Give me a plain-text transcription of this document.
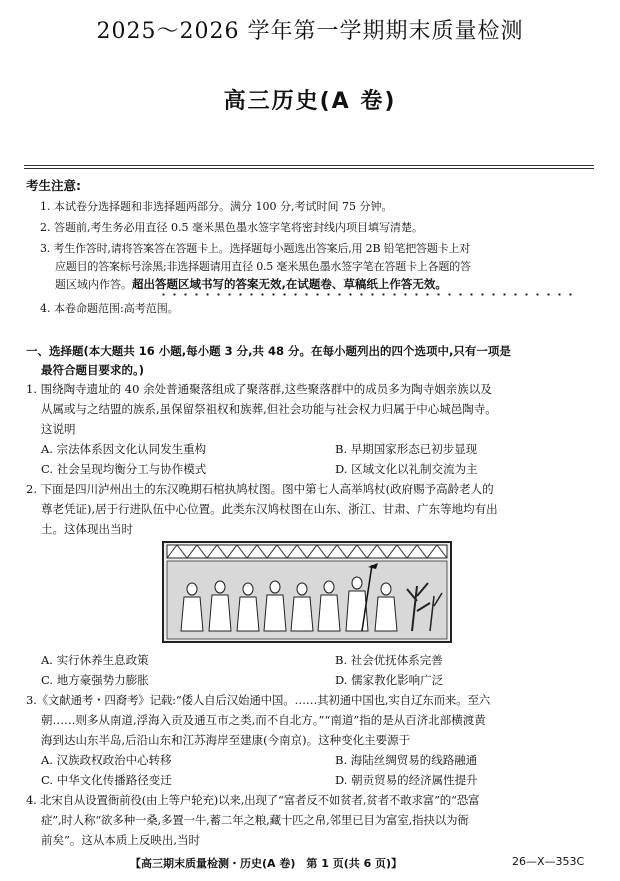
2025～2026 学年第一学期期末质量检测
高三历史(A 卷)
考生注意:
1. 本试卷分选择题和非选择题两部分。满分 100 分,考试时间 75 分钟。
2. 答题前,考生务必用直径 0.5 毫米黑色墨水签字笔将密封线内项目填写清楚。
3. 考生作答时,请将答案答在答题卡上。选择题每小题选出答案后,用 2B 铅笔把答题卡上对
应题目的答案标号涂黑;非选择题请用直径 0.5 毫米黑色墨水签字笔在答题卡上各题的答
题区域内作答。超出答题区域书写的答案无效,在试题卷、草稿纸上作答无效。
4. 本卷命题范围:高考范围。
一、选择题(本大题共 16 小题,每小题 3 分,共 48 分。在每小题列出的四个选项中,只有一项是
最符合题目要求的。)
1. 围绕陶寺遗址的 40 余处普通聚落组成了聚落群,这些聚落群中的成员多为陶寺姻亲族以及
从属或与之结盟的族系,虽保留祭祖权和族葬,但社会功能与社会权力归属于中心城邑陶寺。
这说明
A. 宗法体系因文化认同发生重构	B. 早期国家形态已初步显现
C. 社会呈现均衡分工与协作模式	D. 区域文化以礼制交流为主
2. 下面是四川泸州出土的东汉晚期石棺执鸠杖图。图中第七人高举鸠杖(政府赐予高龄老人的
尊老凭证),居于行进队伍中心位置。此类东汉鸠杖图在山东、浙江、甘肃、广东等地均有出
土。这体现出当时
A. 实行休养生息政策	B. 社会优抚体系完善
C. 地方豪强势力膨胀	D. 儒家教化影响广泛
3.《文献通考・四裔考》记载:“倭人自后汉始通中国。……其初通中国也,实自辽东而来。至六
朝……则多从南道,浮海入贡及通互市之类,而不自北方。”“南道”指的是从百济北部横渡黄
海到达山东半岛,后沿山东和江苏海岸至建康(今南京)。这种变化主要源于
A. 汉族政权政治中心转移	B. 海陆丝绸贸易的线路融通
C. 中华文化传播路径变迁	D. 朝贡贸易的经济属性提升
4. 北宋自从设置衙前役(由上等户轮充)以来,出现了“富者反不如贫者,贫者不敢求富”的“恐富
症”,时人称“欲多种一桑,多置一牛,蓄二年之粮,藏十匹之帛,邻里已目为富室,指抉以为衙
前矣”。这从本质上反映出,当时
【高三期末质量检测・历史(A 卷)　第 1 页(共 6 页)】	26—X—353C
